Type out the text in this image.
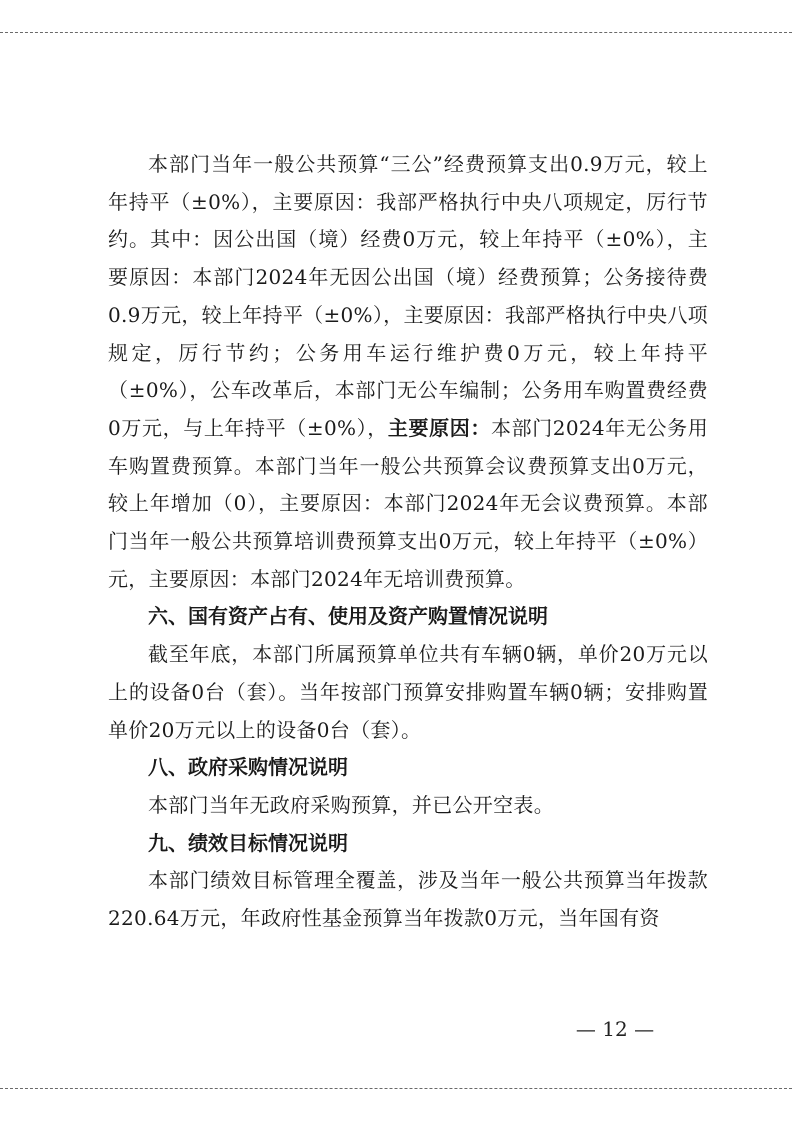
本部门当年一般公共预算“三公”经费预算支出0.9万元，较上年持平（±0%），主要原因：我部严格执行中央八项规定，厉行节约。其中：因公出国（境）经费0万元，较上年持平（±0%），主要原因：本部门2024年无因公出国（境）经费预算；公务接待费0.9万元，较上年持平（±0%），主要原因：我部严格执行中央八项规定，厉行节约；公务用车运行维护费0万元，较上年持平（±0%），公车改革后，本部门无公车编制；公务用车购置费经费0万元，与上年持平（±0%），主要原因：本部门2024年无公务用车购置费预算。本部门当年一般公共预算会议费预算支出0万元，较上年增加（0），主要原因：本部门2024年无会议费预算。本部门当年一般公共预算培训费预算支出0万元，较上年持平（±0%）元，主要原因：本部门2024年无培训费预算。

六、国有资产占有、使用及资产购置情况说明

截至年底，本部门所属预算单位共有车辆0辆，单价20万元以上的设备0台（套）。当年按部门预算安排购置车辆0辆；安排购置单价20万元以上的设备0台（套）。

八、政府采购情况说明

本部门当年无政府采购预算，并已公开空表。

九、绩效目标情况说明

本部门绩效目标管理全覆盖，涉及当年一般公共预算当年拨款220.64万元，年政府性基金预算当年拨款0万元，当年国有资

— 12 —
